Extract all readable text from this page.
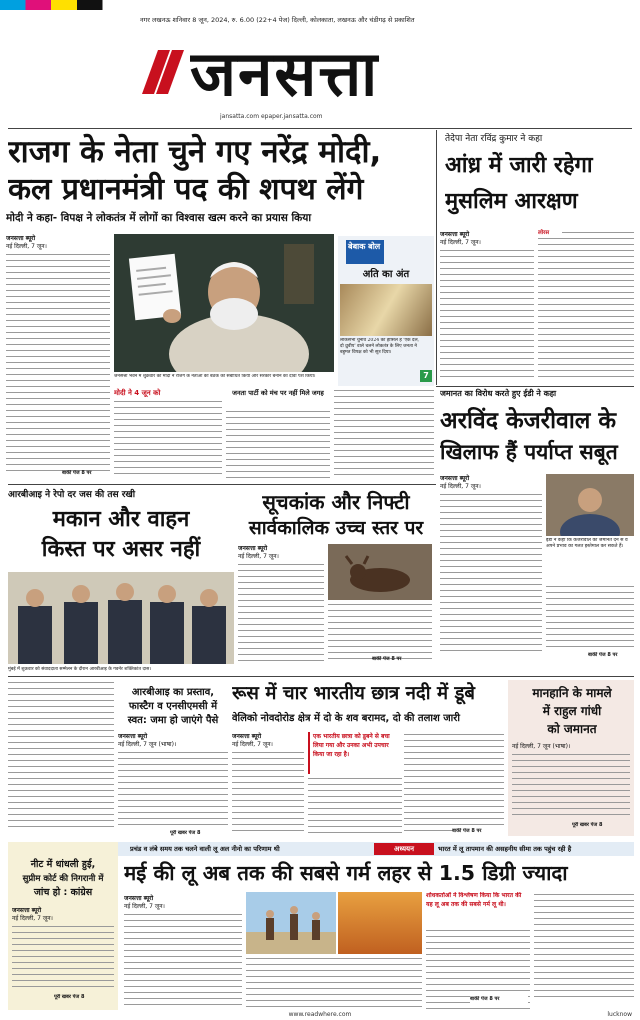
नगर लखनऊ शनिवार 8 जून, 2024, रु. 6.00 (22+4 पेज) दिल्ली, कोलकाता, लखनऊ और चंडीगढ़ से प्रकाशित
जनसत्ता
jansatta.com epaper.jansatta.com
राजग के नेता चुने गए नरेंद्र मोदी,
कल प्रधानमंत्री पद की शपथ लेंगे
मोदी ने कहा- विपक्ष ने लोकतंत्र में लोगों का विश्वास खत्म करने का प्रयास किया
तेदेपा नेता रविंद्र कुमार ने कहा
आंध्र में जारी रहेगा मुसलिम आरक्षण
जनसत्ता ब्यूरो
नई दिल्ली, 7 जून।
बाकी पेज 8 पर
जनसत्ता भवन में शुक्रवार को मोदी ने राजग के नेताओं की बैठक को संबोधित किया और सरकार बनाने का दावा पेश किया।
बेबाक बोल
अति का अंत
लोकसभा चुनाव 2024 का हासिल है 'एक दल, दो ध्रुवीय' वाले चलने लोकतंत्र के लिए जनता ने बहुमत विपक्ष को भी सूत्र दिया।
7
मोदी ने 4 जून को	जनता पार्टी को मंच पर नहीं मिले जगह
जनसत्ता ब्यूरो
नई दिल्ली, 7 जून।
लोरस
जमानत का विरोध करते हुए ईडी ने कहा
अरविंद केजरीवाल के
खिलाफ हैं पर्याप्त सबूत
आरबीआइ ने रेपो दर जस की तस रखी
मकान और वाहन
किस्त पर असर नहीं
मुंबई में शुक्रवार को संवाददाता सम्मेलन के दौरान आरबीआइ के गवर्नर शक्तिकांत दास।
सूचकांक और निफ्टी
सार्वकालिक उच्च स्तर पर
जनसत्ता ब्यूरो
नई दिल्ली, 7 जून।
बाकी पेज 8 पर
जनसत्ता ब्यूरो
नई दिल्ली, 7 जून।
ईडी ने कहा कि केजरीवाल को जमानत देने से वे अपने प्रभाव का गलत इस्तेमाल कर सकते हैं।
बाकी पेज 8 पर
रूस में चार भारतीय छात्र नदी में डूबे
वेलिको नोवदोरोड क्षेत्र में दो के शव बरामद, दो की तलाश जारी
आरबीआइ का प्रस्ताव,
फास्टैग व एनसीएमसी में
स्वत: जमा हो जाएंगे पैसे
जनसत्ता ब्यूरो
नई दिल्ली, 7 जून (भाषा)।
पूरी खबर पेज 8
जनसत्ता ब्यूरो
नई दिल्ली, 7 जून।
एक भारतीय छात्रा को डूबने से बचा लिया गया और उनका अभी उपचार किया जा रहा है।
बाकी पेज 8 पर
मानहानि के मामले
में राहुल गांधी
को जमानत
नई दिल्ली, 7 जून (भाषा)।
पूरी खबर पेज 8
प्रचंड व लंबे समय तक चलने वाली लू अल नीनो का परिणाम थी	अध्ययन	भारत में लू तापमान की असहनीय सीमा तक पहुंच रही है
नीट में धांधली हुई,
सुप्रीम कोर्ट की निगरानी में
जांच हो : कांग्रेस
जनसत्ता ब्यूरो
नई दिल्ली, 7 जून।
पूरी खबर पेज 8
मई की लू अब तक की सबसे गर्म लहर से 1.5 डिग्री ज्यादा
जनसत्ता ब्यूरो
नई दिल्ली, 7 जून।
शोधकर्ताओं ने विश्लेषण किया कि भारत की यह लू अब तक की सबसे गर्म लू थी।
बाकी पेज 8 पर
www.readwhere.com	lucknow
